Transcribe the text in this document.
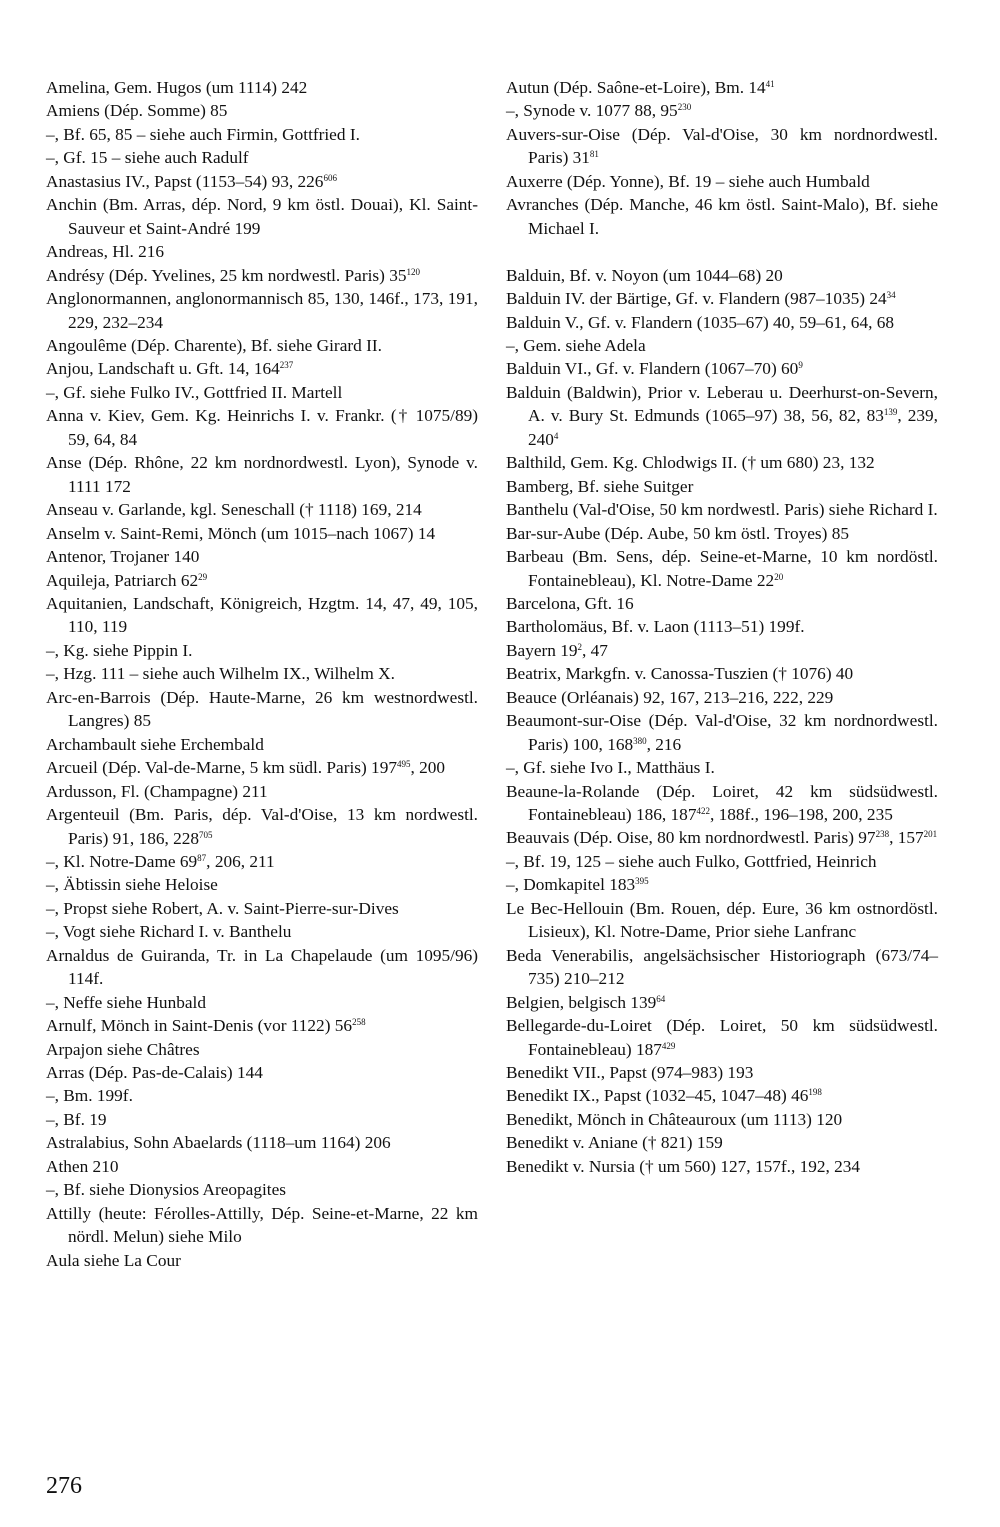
Amelina, Gem. Hugos (um 1114) 242

Amiens (Dép. Somme) 85

–, Bf. 65, 85 – siehe auch Firmin, Gottfried I.

–, Gf. 15 – siehe auch Radulf

Anastasius IV., Papst (1153–54) 93, $226^{606}$

Anchin (Bm. Arras, dép. Nord, 9 km östl. Douai), Kl. Saint-Sauveur et Saint-André 199

Andreas, Hl. 216

Andrésy (Dép. Yvelines, 25 km nordwestl. Paris) $35^{120}$

Anglonormannen, anglonormannisch 85, 130, 146f., 173, 191, 229, 232–234

Angoulême (Dép. Charente), Bf. siehe Girard II.

Anjou, Landschaft u. Gft. 14, $164^{237}$

–, Gf. siehe Fulko IV., Gottfried II. Martell

Anna v. Kiev, Gem. Kg. Heinrichs I. v. Frankr. († 1075/89) 59, 64, 84

Anse (Dép. Rhône, 22 km nordnordwestl. Lyon), Synode v. 1111 172

Anseau v. Garlande, kgl. Seneschall († 1118) 169, 214

Anselm v. Saint-Remi, Mönch (um 1015–nach 1067) 14

Antenor, Trojaner 140

Aquileja, Patriarch $62^{29}$

Aquitanien, Landschaft, Königreich, Hzgtm. 14, 47, 49, 105, 110, 119

–, Kg. siehe Pippin I.

–, Hzg. 111 – siehe auch Wilhelm IX., Wilhelm X.

Arc-en-Barrois (Dép. Haute-Marne, 26 km westnordwestl. Langres) 85

Archambault siehe Erchembald

Arcueil (Dép. Val-de-Marne, 5 km südl. Paris) $197^{495}$, 200

Ardusson, Fl. (Champagne) 211

Argenteuil (Bm. Paris, dép. Val-d'Oise, 13 km nordwestl. Paris) 91, 186, $228^{705}$

–, Kl. Notre-Dame $69^{87}$, 206, 211

–, Äbtissin siehe Heloise

–, Propst siehe Robert, A. v. Saint-Pierre-sur-Dives

–, Vogt siehe Richard I. v. Banthelu

Arnaldus de Guiranda, Tr. in La Chapelaude (um 1095/96) 114f.

–, Neffe siehe Hunbald

Arnulf, Mönch in Saint-Denis (vor 1122) $56^{258}$

Arpajon siehe Châtres

Arras (Dép. Pas-de-Calais) 144

–, Bm. 199f.

–, Bf. 19

Astralabius, Sohn Abaelards (1118–um 1164) 206

Athen 210

–, Bf. siehe Dionysios Areopagites

Attilly (heute: Férolles-Attilly, Dép. Seine-et-Marne, 22 km nördl. Melun) siehe Milo

Aula siehe La Cour

Autun (Dép. Saône-et-Loire), Bm. $14^{41}$

–, Synode v. 1077 88, $95^{230}$

Auvers-sur-Oise (Dép. Val-d'Oise, 30 km nordnordwestl. Paris) $31^{81}$

Auxerre (Dép. Yonne), Bf. 19 – siehe auch Humbald

Avranches (Dép. Manche, 46 km östl. Saint-Malo), Bf. siehe Michael I.

Balduin, Bf. v. Noyon (um 1044–68) 20

Balduin IV. der Bärtige, Gf. v. Flandern (987–1035) $24^{34}$

Balduin V., Gf. v. Flandern (1035–67) 40, 59–61, 64, 68

–, Gem. siehe Adela

Balduin VI., Gf. v. Flandern (1067–70) $60^9$

Balduin (Baldwin), Prior v. Leberau u. Deerhurst-on-Severn, A. v. Bury St. Edmunds (1065–97) 38, 56, 82, $83^{139}$, 239, $240^4$

Balthild, Gem. Kg. Chlodwigs II. († um 680) 23, 132

Bamberg, Bf. siehe Suitger

Banthelu (Val-d'Oise, 50 km nordwestl. Paris) siehe Richard I.

Bar-sur-Aube (Dép. Aube, 50 km östl. Troyes) 85

Barbeau (Bm. Sens, dép. Seine-et-Marne, 10 km nordöstl. Fontainebleau), Kl. Notre-Dame $22^{20}$

Barcelona, Gft. 16

Bartholomäus, Bf. v. Laon (1113–51) 199f.

Bayern $19^2$, 47

Beatrix, Markgfn. v. Canossa-Tuszien († 1076) 40

Beauce (Orléanais) 92, 167, 213–216, 222, 229

Beaumont-sur-Oise (Dép. Val-d'Oise, 32 km nordnordwestl. Paris) 100, $168^{380}$, 216

–, Gf. siehe Ivo I., Matthäus I.

Beaune-la-Rolande (Dép. Loiret, 42 km südsüdwestl. Fontainebleau) 186, $187^{422}$, 188f., 196–198, 200, 235

Beauvais (Dép. Oise, 80 km nordnordwestl. Paris) $97^{238}$, $157^{201}$

–, Bf. 19, 125 – siehe auch Fulko, Gottfried, Heinrich

–, Domkapitel $183^{395}$

Le Bec-Hellouin (Bm. Rouen, dép. Eure, 36 km ostnordöstl. Lisieux), Kl. Notre-Dame, Prior siehe Lanfranc

Beda Venerabilis, angelsächsischer Historiograph (673/74–735) 210–212

Belgien, belgisch $139^{64}$

Bellegarde-du-Loiret (Dép. Loiret, 50 km südsüdwestl. Fontainebleau) $187^{429}$

Benedikt VII., Papst (974–983) 193

Benedikt IX., Papst (1032–45, 1047–48) $46^{198}$

Benedikt, Mönch in Châteauroux (um 1113) 120

Benedikt v. Aniane († 821) 159

Benedikt v. Nursia († um 560) 127, 157f., 192, 234

276
